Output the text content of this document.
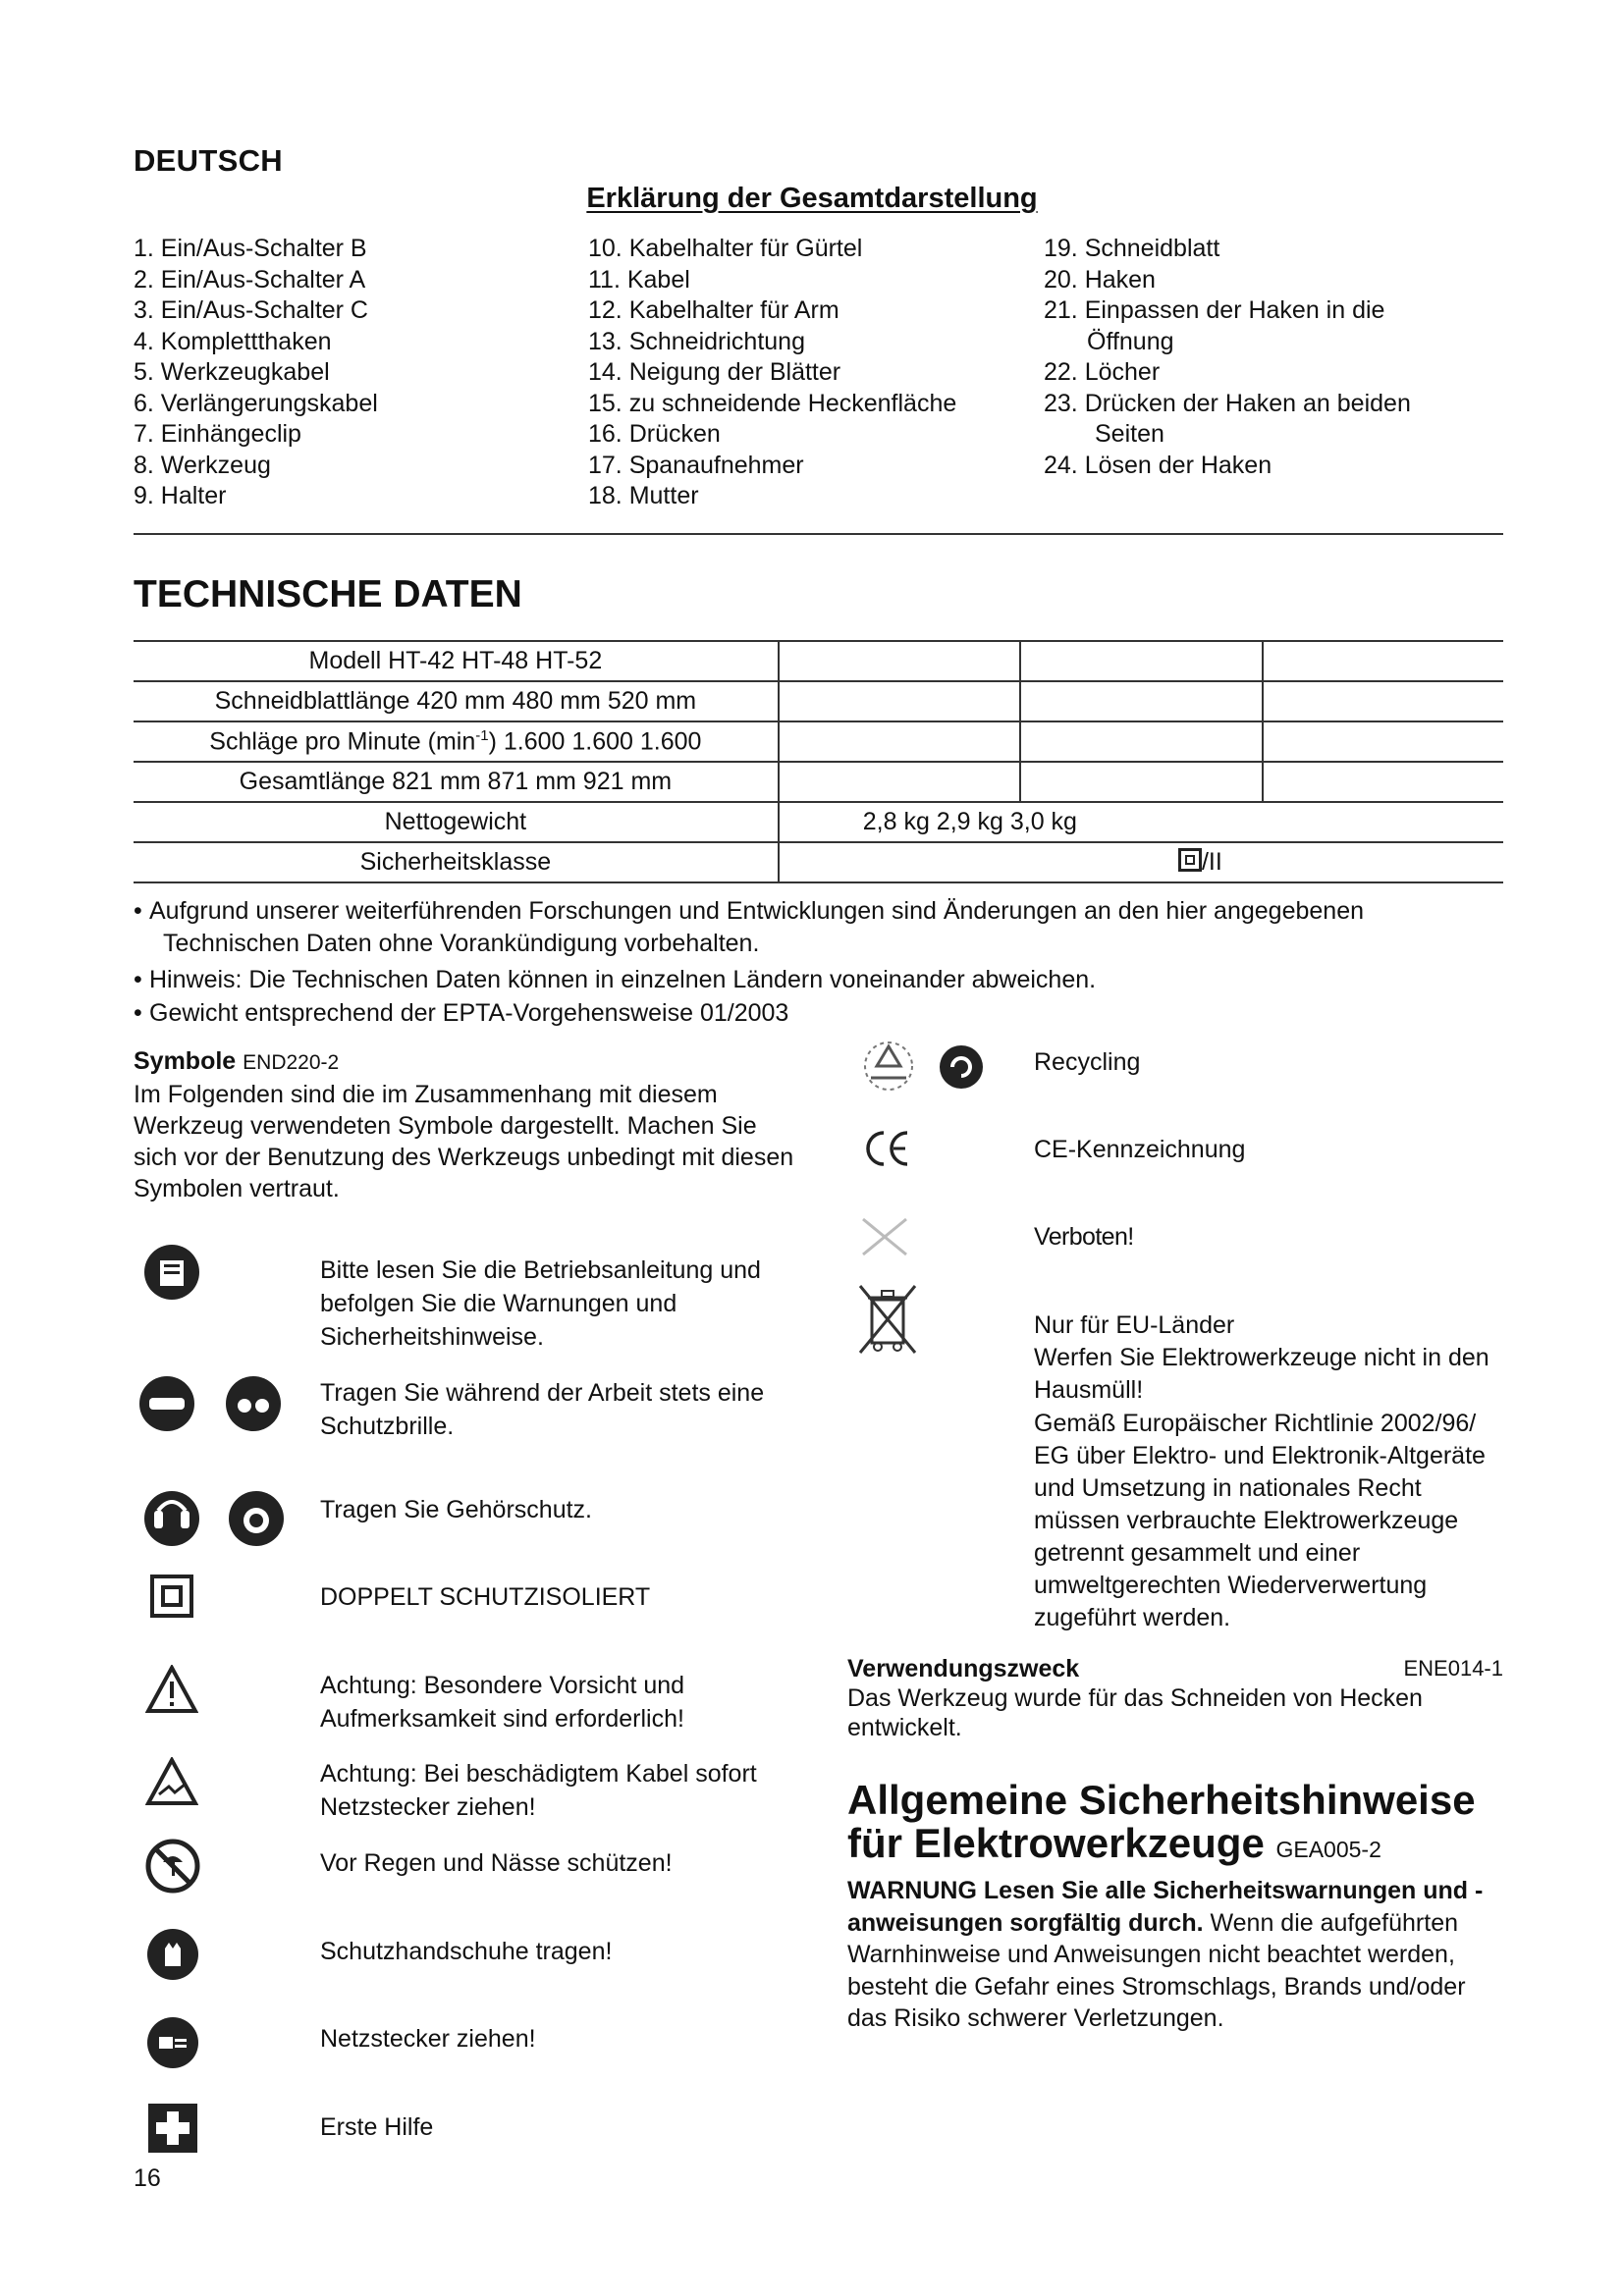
DEUTSCH
Erklärung der Gesamtdarstellung
1. Ein/Aus-Schalter B
2. Ein/Aus-Schalter A
3. Ein/Aus-Schalter C
4. Komplettthaken
5. Werkzeugkabel
6. Verlängerungskabel
7. Einhängeclip
8. Werkzeug
9. Halter
10. Kabelhalter für Gürtel
11. Kabel
12. Kabelhalter für Arm
13. Schneidrichtung
14. Neigung der Blätter
15. zu schneidende Heckenfläche
16. Drücken
17. Spanaufnehmer
18. Mutter
19. Schneidblatt
20. Haken
21. Einpassen der Haken in die
Öffnung
22. Löcher
23. Drücken der Haken an beiden
Seiten
24. Lösen der Haken
TECHNISCHE DATEN
Modell HT-42 HT-48 HT-52			
Schneidblattlänge 420 mm 480 mm 520 mm			
Schläge pro Minute $(\min^{-1})$ 1.600 1.600 1.600			
Gesamtlänge 821 mm 871 mm 921 mm			
Nettogewicht	2,8 kg 2,9 kg 3,0 kg		
Sicherheitsklasse	/II		
• Aufgrund unserer weiterführenden Forschungen und Entwicklungen sind Änderungen an den hier angegebenen
Technischen Daten ohne Vorankündigung vorbehalten.
• Hinweis: Die Technischen Daten können in einzelnen Ländern voneinander abweichen.
• Gewicht entsprechend der EPTA-Vorgehensweise 01/2003
Symbole END220-2
Im Folgenden sind die im Zusammenhang mit diesem Werkzeug verwendeten Symbole dargestellt. Machen Sie sich vor der Benutzung des Werkzeugs unbedingt mit diesen Symbolen vertraut.
Bitte lesen Sie die Betriebsanleitung und befolgen Sie die Warnungen und Sicherheitshinweise.
Tragen Sie während der Arbeit stets eine Schutzbrille.
Tragen Sie Gehörschutz.
DOPPELT SCHUTZISOLIERT
Achtung: Besondere Vorsicht und Aufmerksamkeit sind erforderlich!
Achtung: Bei beschädigtem Kabel sofort Netzstecker ziehen!
Vor Regen und Nässe schützen!
Schutzhandschuhe tragen!
Netzstecker ziehen!
Erste Hilfe
16
Recycling
CE-Kennzeichnung
Verboten!
Nur für EU-Länder
Werfen Sie Elektrowerkzeuge nicht in den Hausmüll!
Gemäß Europäischer Richtlinie 2002/96/ EG über Elektro- und Elektronik-Altgeräte und Umsetzung in nationales Recht müssen verbrauchte Elektrowerkzeuge getrennt gesammelt und einer umweltgerechten Wiederverwertung zugeführt werden.
Verwendungszweck	ENE014-1
Das Werkzeug wurde für das Schneiden von Hecken entwickelt.
Allgemeine Sicherheitshinweise für Elektrowerkzeuge GEA005-2
WARNUNG Lesen Sie alle Sicherheitswarnungen und -anweisungen sorgfältig durch. Wenn die aufgeführten Warnhinweise und Anweisungen nicht beachtet werden, besteht die Gefahr eines Stromschlags, Brands und/oder das Risiko schwerer Verletzungen.
